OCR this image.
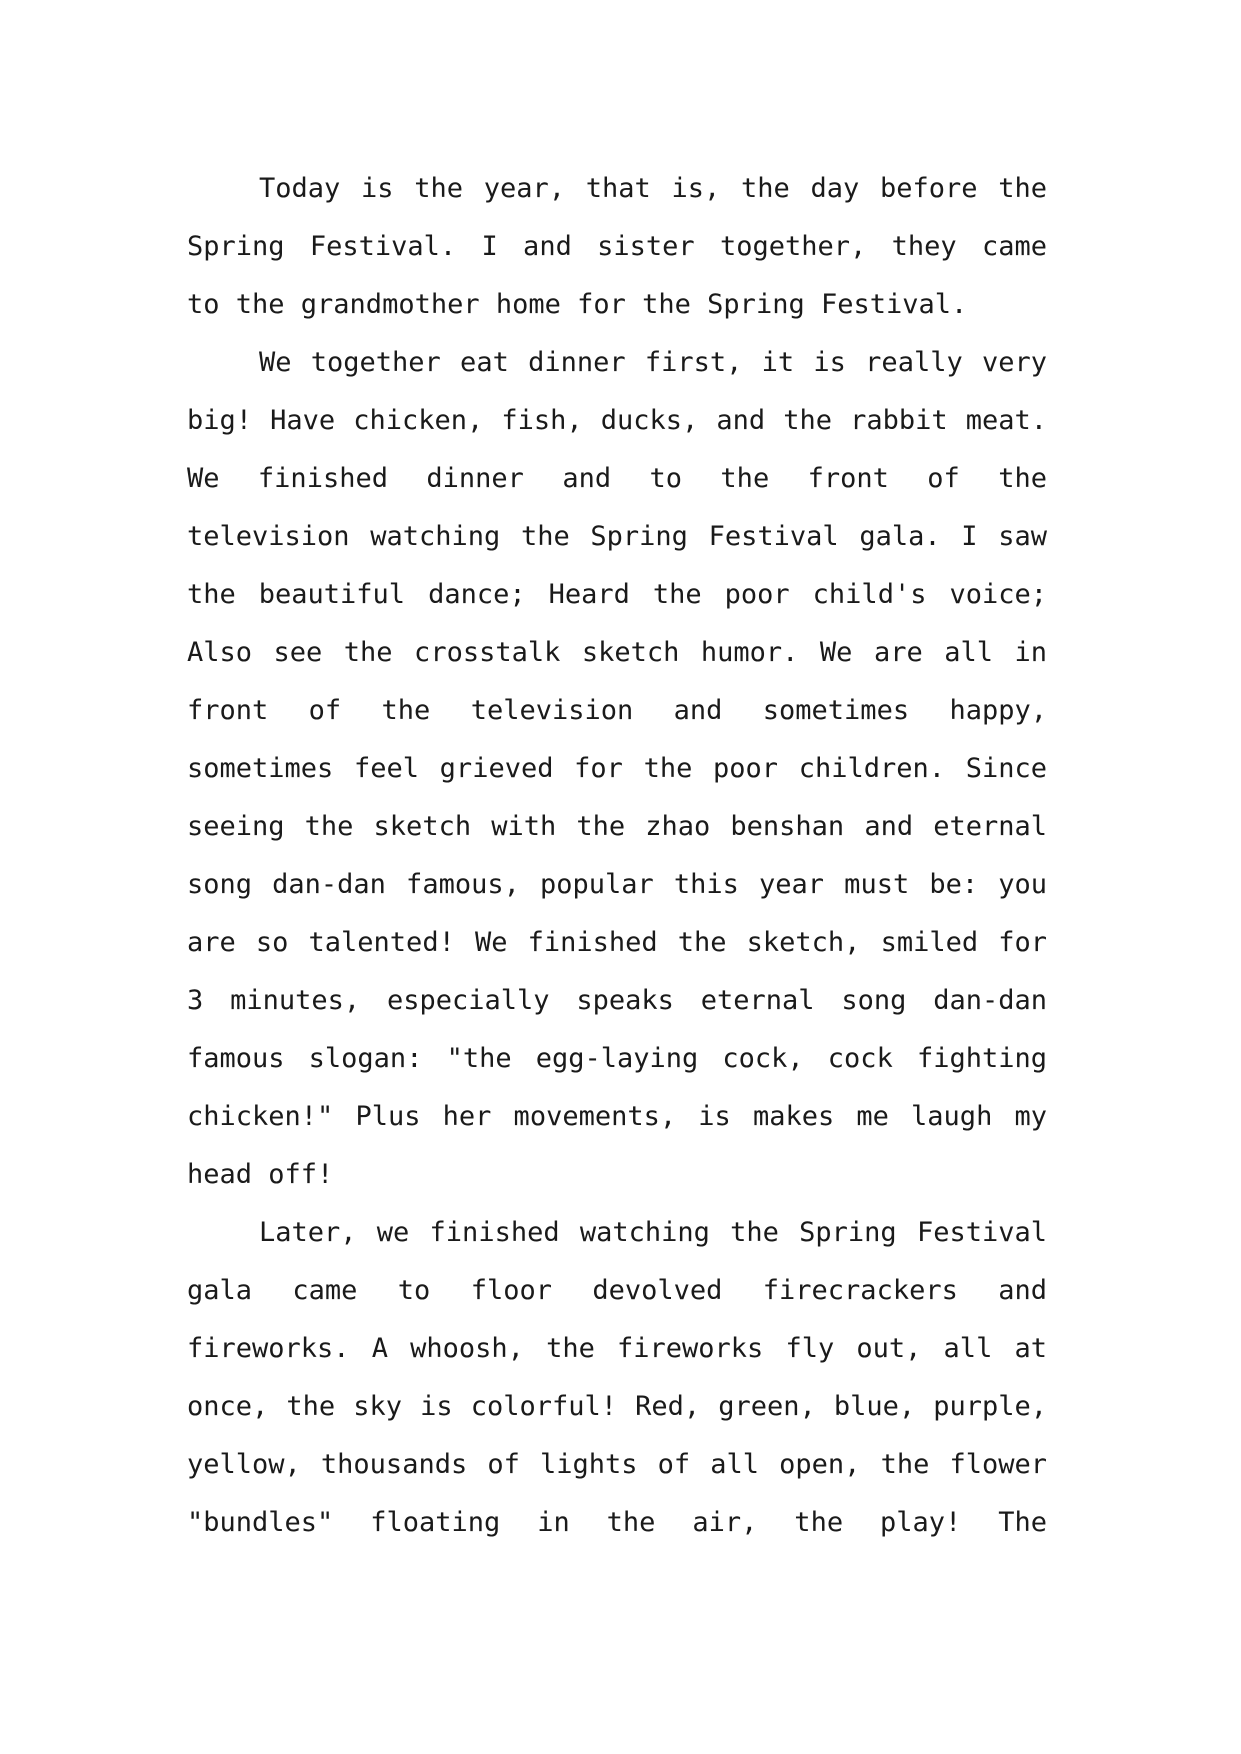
Today is the year, that is, the day before the
Spring Festival. I and sister together, they came
to the grandmother home for the Spring Festival.
We together eat dinner first, it is really very
big! Have chicken, fish, ducks, and the rabbit meat.
We finished dinner and to the front of the
television watching the Spring Festival gala. I saw
the beautiful dance; Heard the poor child's voice;
Also see the crosstalk sketch humor. We are all in
front of the television and sometimes happy,
sometimes feel grieved for the poor children. Since
seeing the sketch with the zhao benshan and eternal
song dan-dan famous, popular this year must be: you
are so talented! We finished the sketch, smiled for
3 minutes, especially speaks eternal song dan-dan
famous slogan: "the egg-laying cock, cock fighting
chicken!" Plus her movements, is makes me laugh my
head off!
Later, we finished watching the Spring Festival
gala came to floor devolved firecrackers and
fireworks. A whoosh, the fireworks fly out, all at
once, the sky is colorful! Red, green, blue, purple,
yellow, thousands of lights of all open, the flower
"bundles" floating in the air, the play! The
